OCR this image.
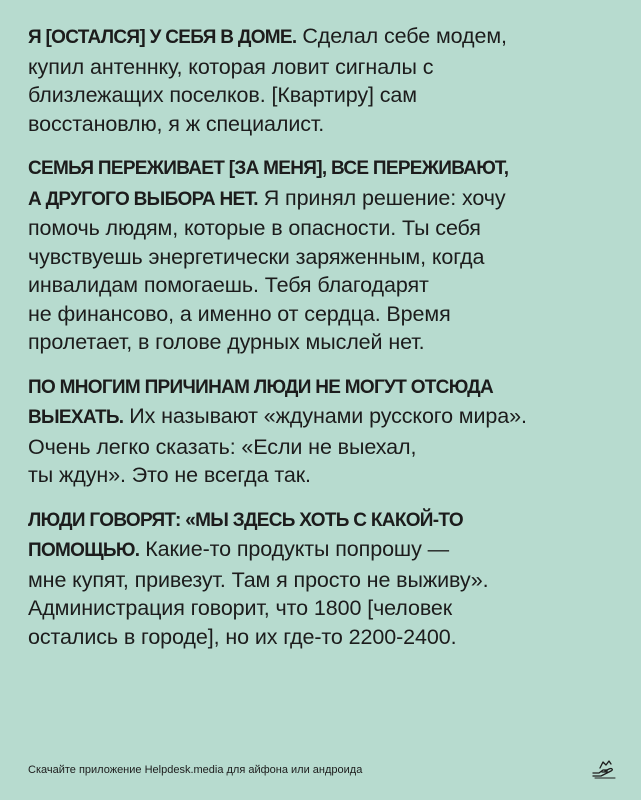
Я [ОСТАЛСЯ] У СЕБЯ В ДОМЕ. Сделал себе модем,
купил антеннку, которая ловит сигналы с
близлежащих поселков. [Квартиру] сам
восстановлю, я ж специалист.

СЕМЬЯ ПЕРЕЖИВАЕТ [ЗА МЕНЯ], ВСЕ ПЕРЕЖИВАЮТ,
А ДРУГОГО ВЫБОРА НЕТ. Я принял решение: хочу
помочь людям, которые в опасности. Ты себя
чувствуешь энергетически заряженным, когда
инвалидам помогаешь. Тебя благодарят
не финансово, а именно от сердца. Время
пролетает, в голове дурных мыслей нет.

ПО МНОГИМ ПРИЧИНАМ ЛЮДИ НЕ МОГУТ ОТСЮДА
ВЫЕХАТЬ. Их называют «ждунами русского мира».
Очень легко сказать: «Если не выехал,
ты ждун». Это не всегда так.

ЛЮДИ ГОВОРЯТ: «МЫ ЗДЕСЬ ХОТЬ С КАКОЙ-ТО
ПОМОЩЬЮ. Какие-то продукты попрошу —
мне купят, привезут. Там я просто не выживу».
Администрация говорит, что 1800 [человек
остались в городе], но их где-то 2200-2400.

Скачайте приложение Helpdesk.media для айфона или андроида
